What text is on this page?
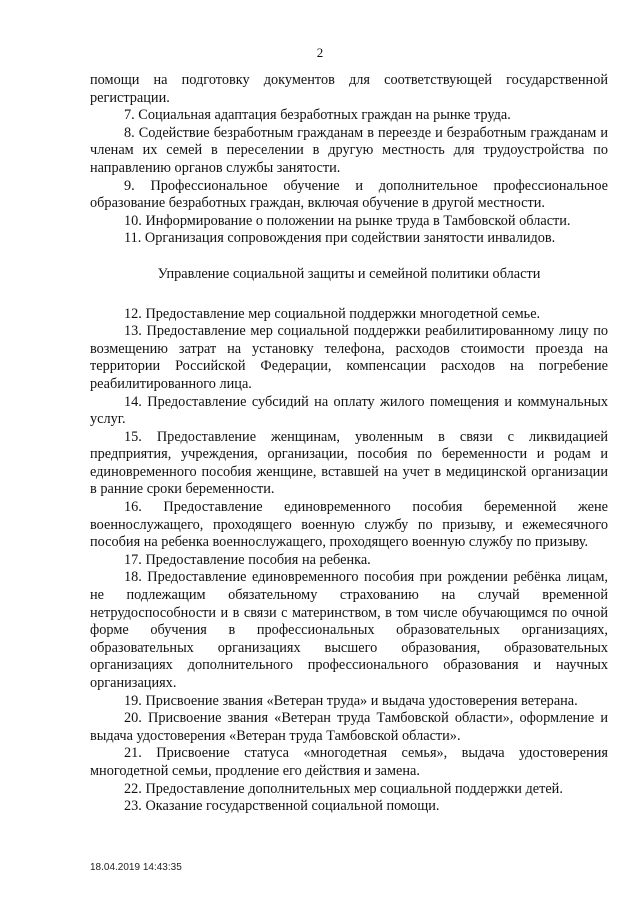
2

помощи на подготовку документов для соответствующей государственной регистрации.

7. Социальная адаптация безработных граждан на рынке труда.

8. Содействие безработным гражданам в переезде и безработным гражданам и членам их семей в переселении в другую местность для трудоустройства по направлению органов службы занятости.

9. Профессиональное обучение и дополнительное профессиональное образование безработных граждан, включая обучение в другой местности.

10. Информирование о положении на рынке труда в Тамбовской области.

11. Организация сопровождения при содействии занятости инвалидов.

Управление социальной защиты и семейной политики области

12. Предоставление мер социальной поддержки многодетной семье.

13. Предоставление мер социальной поддержки реабилитированному лицу по возмещению затрат на установку телефона, расходов стоимости проезда на территории Российской Федерации, компенсации расходов на погребение реабилитированного лица.

14. Предоставление субсидий на оплату жилого помещения и коммунальных услуг.

15. Предоставление женщинам, уволенным в связи с ликвидацией предприятия, учреждения, организации, пособия по беременности и родам и единовременного пособия женщине, вставшей на учет в медицинской организации в ранние сроки беременности.

16. Предоставление единовременного пособия беременной жене военнослужащего, проходящего военную службу по призыву, и ежемесячного пособия на ребенка военнослужащего, проходящего военную службу по призыву.

17. Предоставление пособия на ребенка.

18. Предоставление единовременного пособия при рождении ребёнка лицам, не подлежащим обязательному страхованию на случай временной нетрудоспособности и в связи с материнством, в том числе обучающимся по очной форме обучения в профессиональных образовательных организациях, образовательных организациях высшего образования, образовательных организациях дополнительного профессионального образования и научных организациях.

19. Присвоение звания «Ветеран труда» и выдача удостоверения ветерана.

20. Присвоение звания «Ветеран труда Тамбовской области», оформление и выдача удостоверения «Ветеран труда Тамбовской области».

21. Присвоение статуса «многодетная семья», выдача удостоверения многодетной семьи, продление его действия и замена.

22. Предоставление дополнительных мер социальной поддержки детей.

23. Оказание государственной социальной помощи.

18.04.2019 14:43:35
